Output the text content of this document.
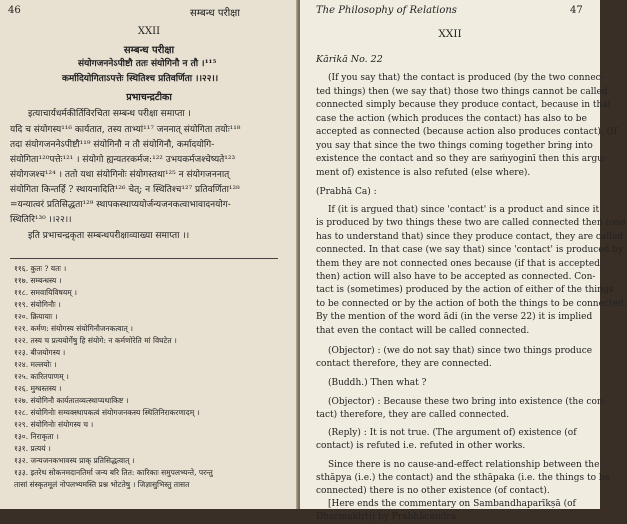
46	सम्बन्ध परीक्षा
XXII
सम्बन्ध परीक्षा
संयोगजननेऽपीष्टौ ततः संयोगिनौ न तौ ।¹¹⁵
कर्मादियोगिताऽपत्तेः स्थितिश्च प्रतिवर्णिता ।।२२।।
प्रभाचन्द्रटीका
इत्याचार्यधर्मकीर्तिविरचिता सम्बन्ध परीक्षा समाप्ता ।
यदि च संयोगस्य¹¹⁶ कार्यतात, तस्य ताभ्यां¹¹⁷ जननात् संयोगिता तयोः¹¹⁸
तदा संयोगजननेऽपीष्टौ¹¹⁹ संयोगिनौ न तौ संयोगिनौ, कर्मादयोगि-
संयोगिता¹²⁰पत्तेः¹²¹ । संयोगो ह्यन्यतरकर्मज:¹²² उभयकर्मजश्चेष्यते¹²³
संयोगजश्च¹²⁴ । ततो यथा संयोगिनोः संयोगस्तथा¹²⁵ न संयोगजननात्
संयोगिता किन्तर्हि ? स्थायनादिति¹²⁶ चेत्; न स्थितिश्च¹²⁷ प्रतिवर्णिता¹²⁸
=यन्यात्वरं प्रतिसिद्धता¹²⁹ स्थापकस्थाप्ययोर्जन्यजनकत्वाभावादनयोग-
स्थितिरि¹³⁰ ।।२२।।
इति प्रभाचन्द्रकृता सम्बन्धपरीक्षाव्याख्या समाप्ता ।।
११६. कुतः ? यतः ।
११७. सम्बन्धस्य ।
११८. समवायिविषयम् ।
११९. संयोगिनौः ।
१२०. क्रियायाः ।
१२१. कर्मण: संयोगस्य संयोगिनौजनकत्वात् ।
१२२. तस्य च प्रत्ययोर्गेषु हि संयोगे: न कर्मणोरेति मां विघटेत ।
१२३. बीजयोगस्य ।
१२४. मल्लयोः ।
१२५. कारितपाणम् ।
१२६. मुग्धस्तस्य ।
१२७. संयोगिनौ कार्यतातव्यत्स्थाप्यथाकिष्ट ।
१२८. संयोगिनोः सम्यक्स्थापकत्वं संयोगजनकस्य स्थितिनिराकरणादम् ।
१२९. संयोगिनोः संयोगस्य च ।
१३०. निराकृता ।
१३१. प्रत्ययं ।
१३२. जन्यजनकभावस्य प्राक् प्रतिसिद्धत्वात् ।
१३३. इतरेथ सोकनमदानतिर्मा जन्य बरि तित: कारिकाः समुपलभ्यन्ते, परन्तु
तासां संस्कृतमूलं नोपलभ्यमस्ति प्रश्न भोटतेषु । जिज्ञासुभिस्तु तासत
The Philosophy of Relations	47
XXII
Kārikā No. 22
(If you say that) the contact is produced (by the two connec-
ted things) then (we say that) those two things cannot be called
connected simply because they produce contact, because in that
case the action (which produces the contact) has also to be
accepted as connected (because action also produces contact). (If
you say that since the two things coming together bring into
existence the contact and so they are saṁyoginī then this argu-
ment of) existence is also refuted (else where).
(Prabhā Ca) :
If (it is argued that) since 'contact' is a product and since it
is produced by two things these two are called connected then (one
has to understand that) since they produce contact, they are called
connected. In that case (we say that) since 'contact' is produced by
them they are not connected ones because (if that is accepted
then) action will also have to be accepted as connected. Con-
tact is (sometimes) produced by the action of either of the things
to be connected or by the action of both the things to be connected.
By the mention of the word ādi (in the verse 22) it is implied
that even the contact will be called connected.
(Objector) : (we do not say that) since two things produce
contact therefore, they are connected.
(Buddh.) Then what ?
(Objector) : Because these two bring into existence (the con-
tact) therefore, they are called connected.
(Reply) : It is not true. (The argument of) existence (of
contact) is refuted i.e. refuted in other works.
Since there is no cause-and-effect relationship between the
sthāpya (i.e.) the contact) and the sthāpaka (i.e. the things to be
connected) there is no other existence (of contact).
[Here ends the commentary on Sambandhaparīkṣā (of
Dharmakīrti) by Prabhācandra.
